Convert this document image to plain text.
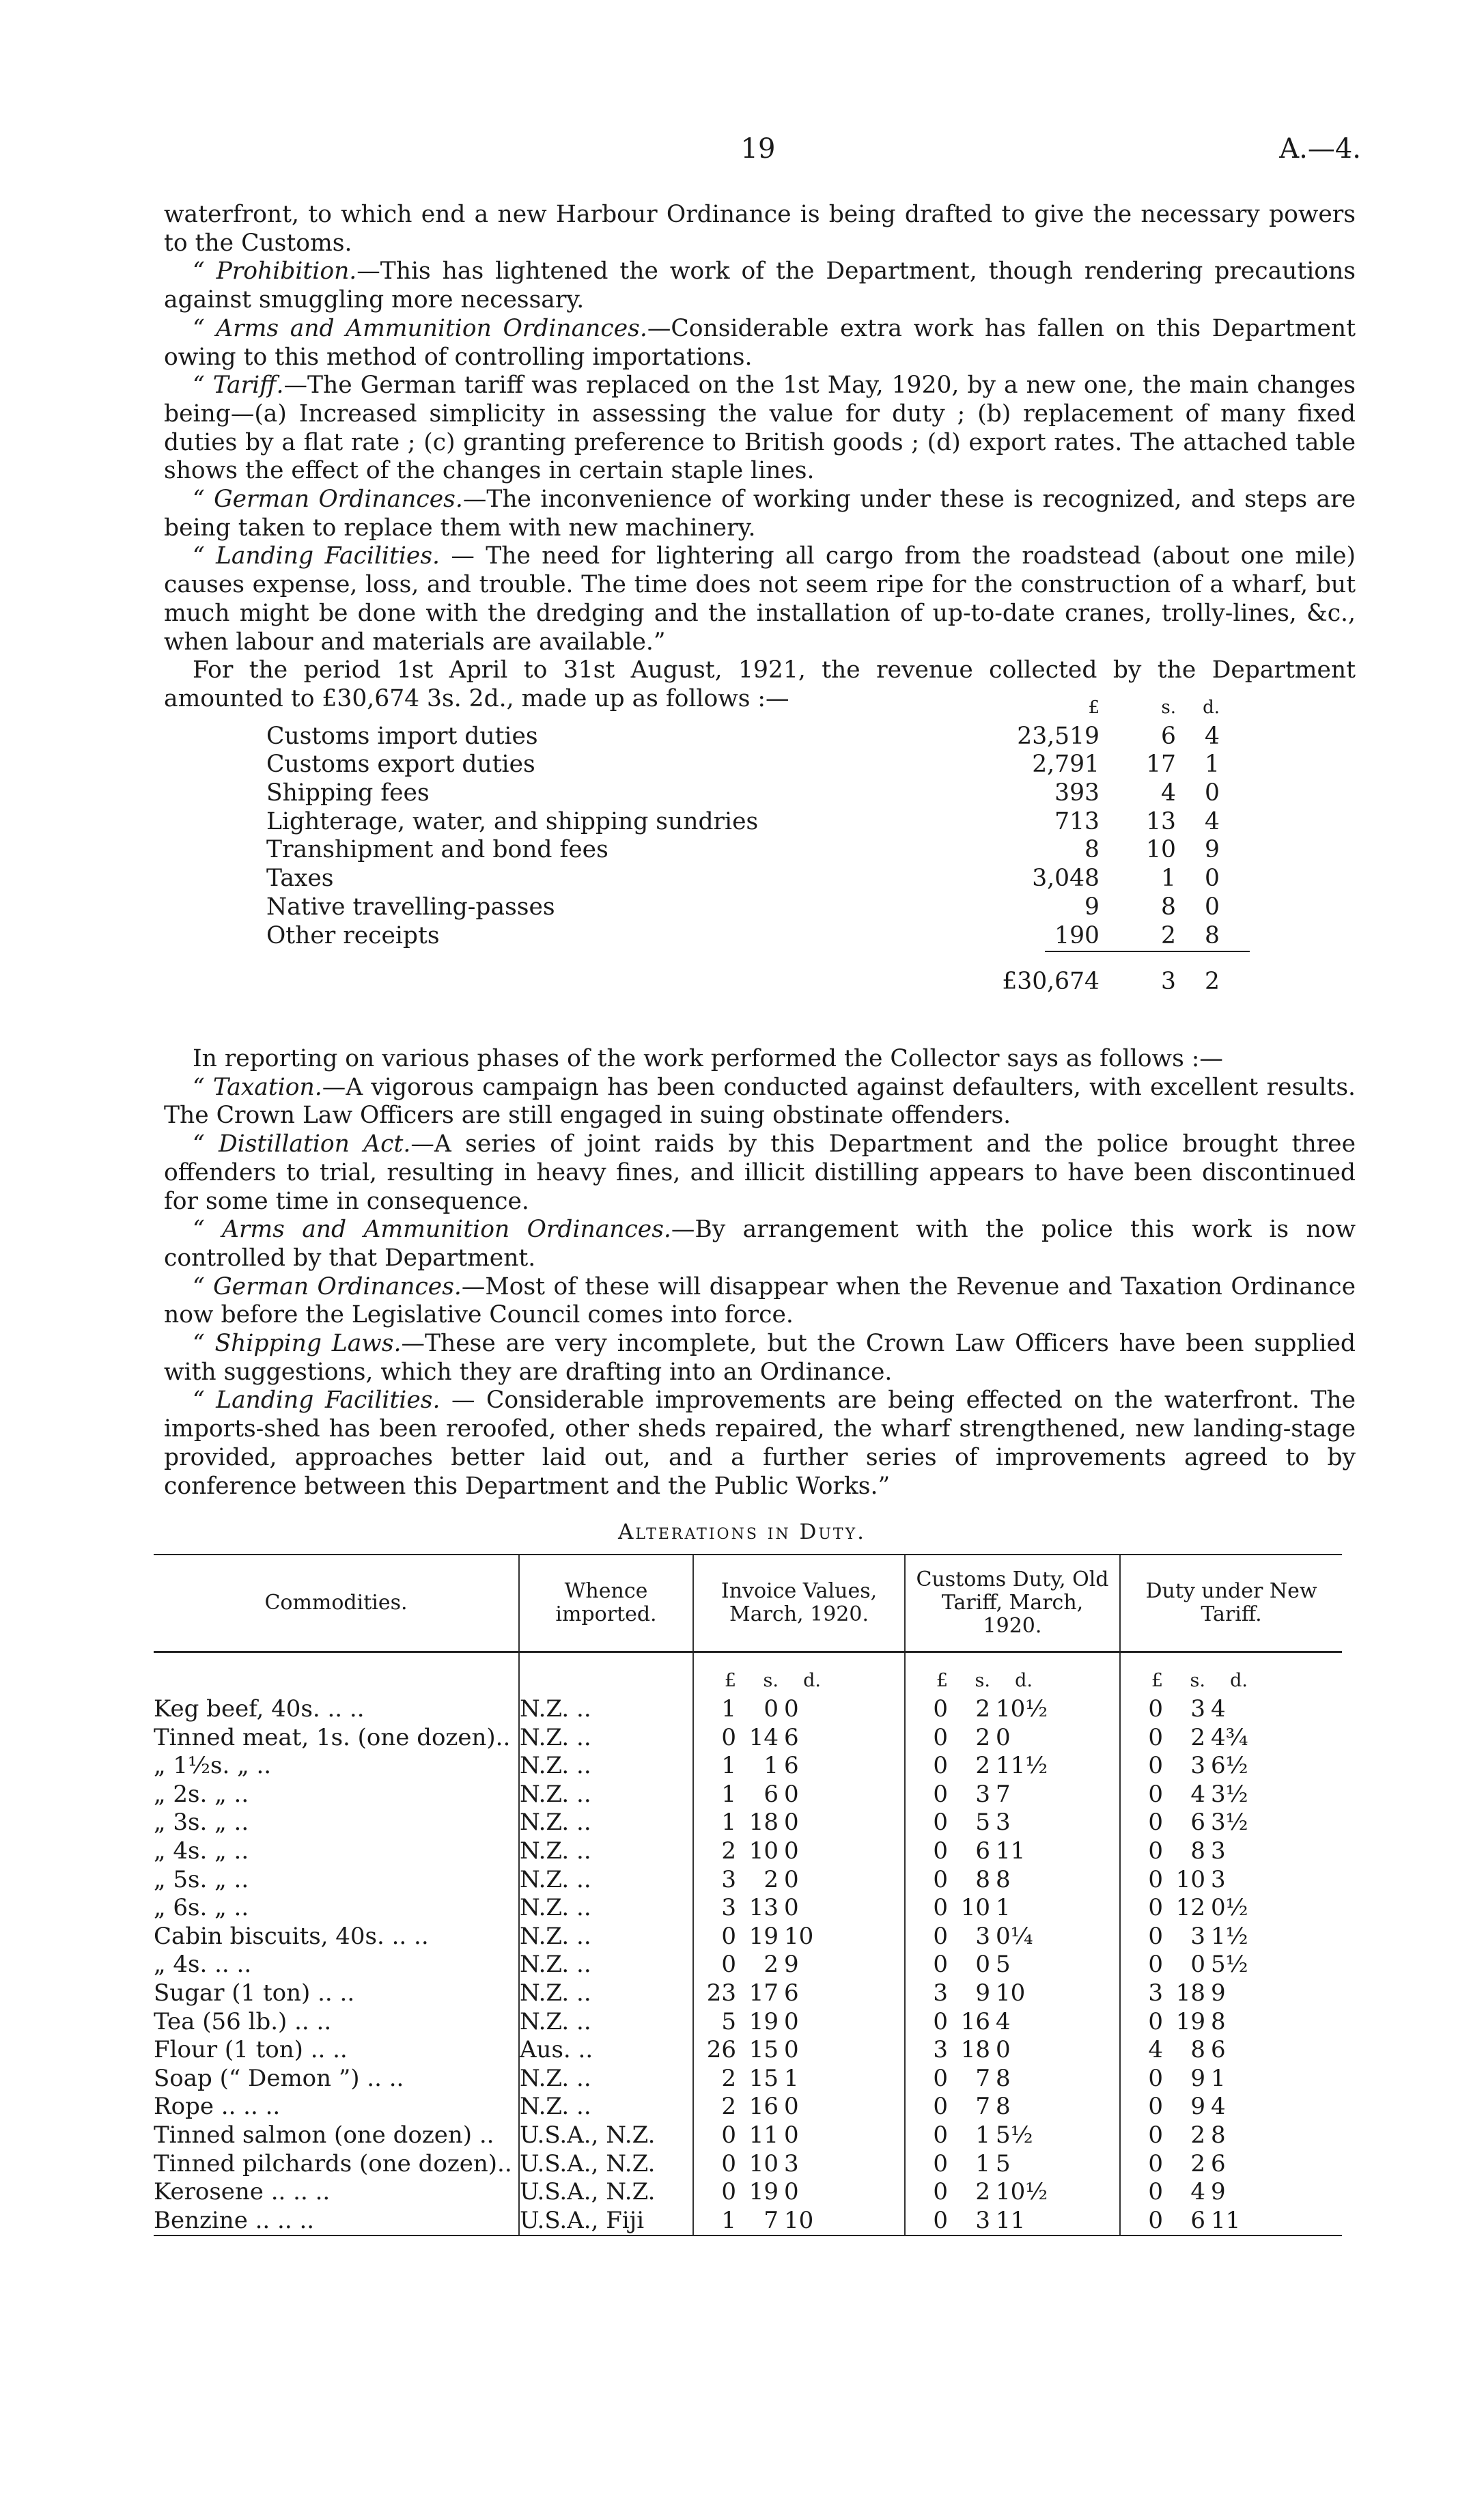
19	A.—4.

waterfront, to which end a new Harbour Ordinance is being drafted to give the necessary powers to the Customs.

“ Prohibition.—This has lightened the work of the Department, though rendering precautions against smuggling more necessary.

“ Arms and Ammunition Ordinances.—Considerable extra work has fallen on this Department owing to this method of controlling importations.

“ Tariff.—The German tariff was replaced on the 1st May, 1920, by a new one, the main changes being—(a) Increased simplicity in assessing the value for duty ; (b) replacement of many fixed duties by a flat rate ; (c) granting preference to British goods ; (d) export rates. The attached table shows the effect of the changes in certain staple lines.

“ German Ordinances.—The inconvenience of working under these is recognized, and steps are being taken to replace them with new machinery.

“ Landing Facilities. — The need for lightering all cargo from the roadstead (about one mile) causes expense, loss, and trouble. The time does not seem ripe for the construction of a wharf, but much might be done with the dredging and the installation of up-to-date cranes, trolly-lines, &c., when labour and materials are available.”

For the period 1st April to 31st August, 1921, the revenue collected by the Department amounted to £30,674 3s. 2d., made up as follows :—	£	s. d.
Customs import duties	23,519	6 4
Customs export duties	2,791 17 1
Shipping fees	393	4 0
Lighterage, water, and shipping sundries	713 13 4
Transhipment and bond fees	8 10 9
Taxes	3,048	1 0
Native travelling-passes	9	8 0
Other receipts	190	2 8
£30,674	3 2

In reporting on various phases of the work performed the Collector says as follows :—

“ Taxation.—A vigorous campaign has been conducted against defaulters, with excellent results. The Crown Law Officers are still engaged in suing obstinate offenders.

“ Distillation Act.—A series of joint raids by this Department and the police brought three offenders to trial, resulting in heavy fines, and illicit distilling appears to have been discontinued for some time in consequence.

“ Arms and Ammunition Ordinances.—By arrangement with the police this work is now controlled by that Department.

“ German Ordinances.—Most of these will disappear when the Revenue and Taxation Ordinance now before the Legislative Council comes into force.

“ Shipping Laws.—These are very incomplete, but the Crown Law Officers have been supplied with suggestions, which they are drafting into an Ordinance.

“ Landing Facilities. — Considerable improvements are being effected on the waterfront. The imports-shed has been reroofed, other sheds repaired, the wharf strengthened, new landing-stage provided, approaches better laid out, and a further series of improvements agreed to by conference between this Department and the Public Works.”

Alterations in Duty.
Commodities.	Whence imported.	Invoice Values, March, 1920.	Customs Duty, Old Tariff, March, 1920.	Duty under New Tariff.
		£ s. d.	£ s. d.	£ s. d.
Keg beef, 40s. .. ..	N.Z. ..	1 0 0	0 2 10½	0 3 4
Tinned meat, 1s. (one dozen)..	N.Z. ..	0 14 6	0 2 0	0 2 4¾
„ 1½s. „ ..	N.Z. ..	1 1 6	0 2 11½	0 3 6½
„ 2s. „ ..	N.Z. ..	1 6 0	0 3 7	0 4 3½
„ 3s. „ ..	N.Z. ..	1 18 0	0 5 3	0 6 3½
„ 4s. „ ..	N.Z. ..	2 10 0	0 6 11	0 8 3
„ 5s. „ ..	N.Z. ..	3 2 0	0 8 8	0 10 3
„ 6s. „ ..	N.Z. ..	3 13 0	0 10 1	0 12 0½
Cabin biscuits, 40s. .. ..	N.Z. ..	0 19 10	0 3 0¼	0 3 1½
„ 4s. .. ..	N.Z. ..	0 2 9	0 0 5	0 0 5½
Sugar (1 ton) .. ..	N.Z. ..	23 17 6	3 9 10	3 18 9
Tea (56 lb.) .. ..	N.Z. ..	5 19 0	0 16 4	0 19 8
Flour (1 ton) .. ..	Aus. ..	26 15 0	3 18 0	4 8 6
Soap (“ Demon ”) .. ..	N.Z. ..	2 15 1	0 7 8	0 9 1
Rope .. .. ..	N.Z. ..	2 16 0	0 7 8	0 9 4
Tinned salmon (one dozen) ..	U.S.A., N.Z.	0 11 0	0 1 5½	0 2 8
Tinned pilchards (one dozen)..	U.S.A., N.Z.	0 10 3	0 1 5	0 2 6
Kerosene .. .. ..	U.S.A., N.Z.	0 19 0	0 2 10½	0 4 9
Benzine .. .. ..	U.S.A., Fiji	1 7 10	0 3 11	0 6 11
